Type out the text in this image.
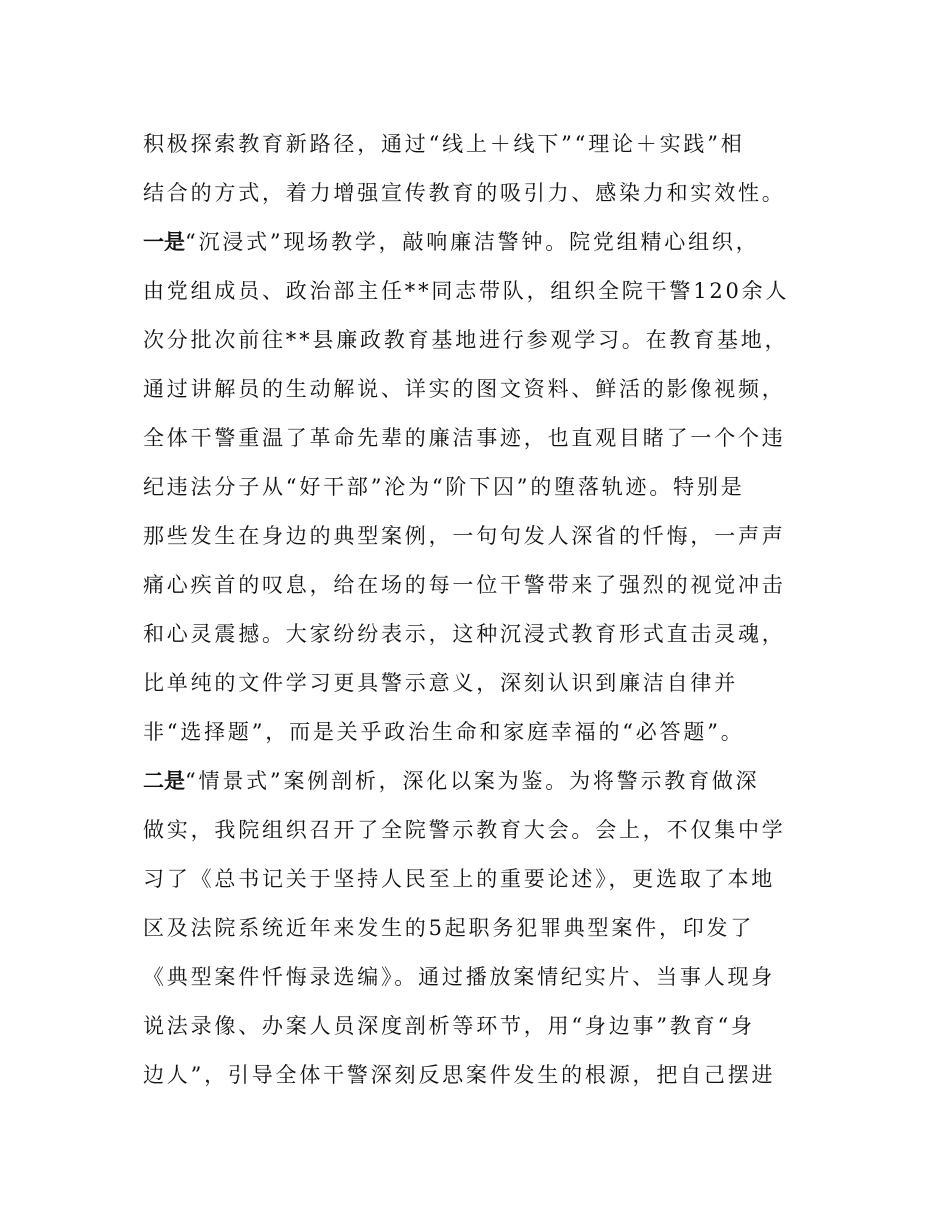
积极探索教育新路径，通过“线上＋线下”“理论＋实践”相
结合的方式，着力增强宣传教育的吸引力、感染力和实效性。
一是“沉浸式”现场教学，敲响廉洁警钟。院党组精心组织，
由党组成员、政治部主任**同志带队，组织全院干警120余人
次分批次前往**县廉政教育基地进行参观学习。在教育基地，
通过讲解员的生动解说、详实的图文资料、鲜活的影像视频，
全体干警重温了革命先辈的廉洁事迹，也直观目睹了一个个违
纪违法分子从“好干部”沦为“阶下囚”的堕落轨迹。特别是
那些发生在身边的典型案例，一句句发人深省的忏悔，一声声
痛心疾首的叹息，给在场的每一位干警带来了强烈的视觉冲击
和心灵震撼。大家纷纷表示，这种沉浸式教育形式直击灵魂，
比单纯的文件学习更具警示意义，深刻认识到廉洁自律并
非“选择题”，而是关乎政治生命和家庭幸福的“必答题”。
二是“情景式”案例剖析，深化以案为鉴。为将警示教育做深
做实，我院组织召开了全院警示教育大会。会上，不仅集中学
习了《总书记关于坚持人民至上的重要论述》，更选取了本地
区及法院系统近年来发生的5起职务犯罪典型案件，印发了
《典型案件忏悔录选编》。通过播放案情纪实片、当事人现身
说法录像、办案人员深度剖析等环节，用“身边事”教育“身
边人”，引导全体干警深刻反思案件发生的根源，把自己摆进
